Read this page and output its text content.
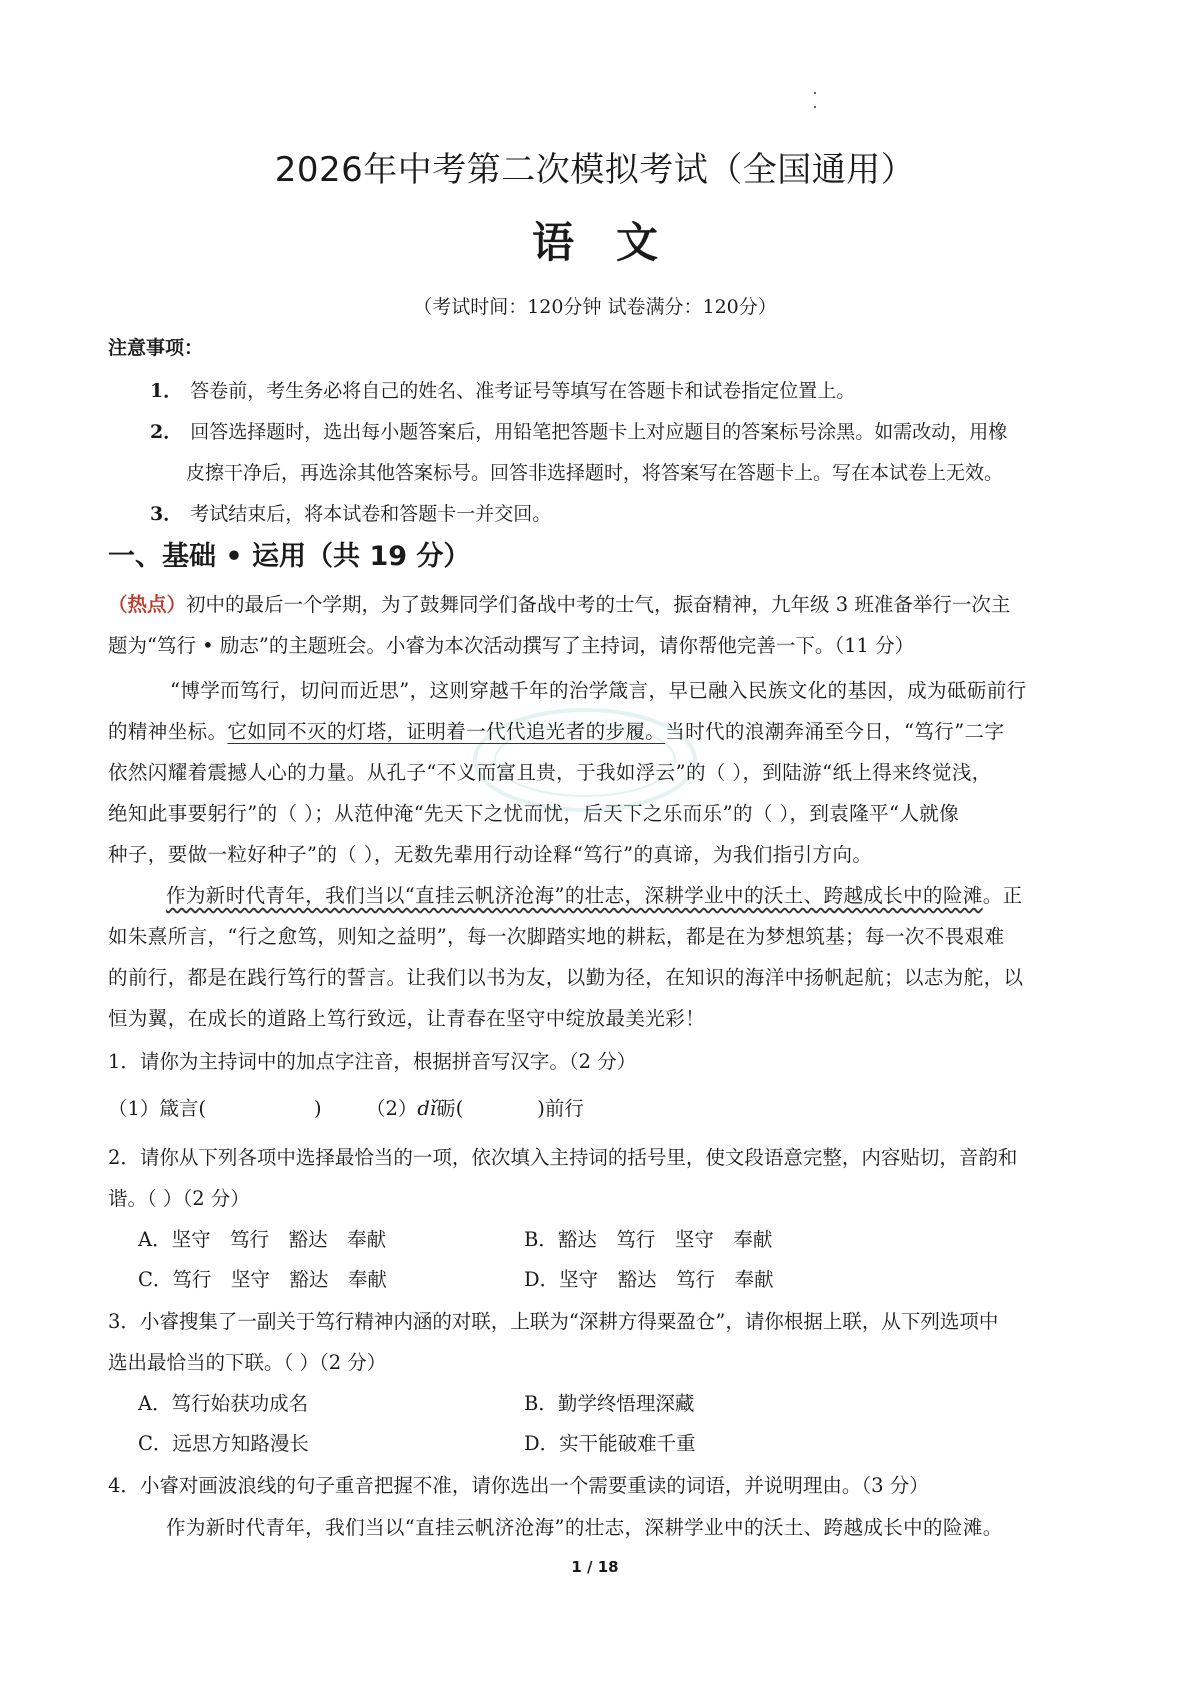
2026年中考第二次模拟考试（全国通用）
语文
（考试时间：120分钟 试卷满分：120分）
注意事项：
1． 答卷前，考生务必将自己的姓名、准考证号等填写在答题卡和试卷指定位置上。
2． 回答选择题时，选出每小题答案后，用铅笔把答题卡上对应题目的答案标号涂黑。如需改动，用橡
皮擦干净后，再选涂其他答案标号。回答非选择题时，将答案写在答题卡上。写在本试卷上无效。
3． 考试结束后，将本试卷和答题卡一并交回。
一、基础 • 运用（共 19 分）
（热点）初中的最后一个学期，为了鼓舞同学们备战中考的士气，振奋精神，九年级 3 班准备举行一次主
题为“笃行 • 励志”的主题班会。小睿为本次活动撰写了主持词，请你帮他完善一下。（11 分）
“博学而笃行，切问而近思”，这则穿越千年的治学箴言，早已融入民族文化的基因，成为砥砺前行
的精神坐标。它如同不灭的灯塔，证明着一代代追光者的步履。当时代的浪潮奔涌至今日，“笃行”二字
依然闪耀着震撼人心的力量。从孔子“不义而富且贵，于我如浮云”的（ ），到陆游“纸上得来终觉浅，
绝知此事要躬行”的（ ）；从范仲淹“先天下之忧而忧，后天下之乐而乐”的（ ），到袁隆平“人就像
种子，要做一粒好种子”的（ ），无数先辈用行动诠释“笃行”的真谛，为我们指引方向。
作为新时代青年，我们当以“直挂云帆济沧海”的壮志，深耕学业中的沃土、跨越成长中的险滩。正
如朱熹所言，“行之愈笃，则知之益明”，每一次脚踏实地的耕耘，都是在为梦想筑基；每一次不畏艰难
的前行，都是在践行笃行的誓言。让我们以书为友，以勤为径，在知识的海洋中扬帆起航；以志为舵，以
恒为翼，在成长的道路上笃行致远，让青春在坚守中绽放最美光彩！
1．请你为主持词中的加点字注音，根据拼音写汉字。（2 分）
（1）箴言(	) （2）dǐ砺(	)前行
2．请你从下列各项中选择最恰当的一项，依次填入主持词的括号里，使文段语意完整，内容贴切，音韵和
谐。（ ）（2 分）
A．坚守　笃行　豁达　奉献	B．豁达　笃行　坚守　奉献
C．笃行　坚守　豁达　奉献	D．坚守　豁达　笃行　奉献
3．小睿搜集了一副关于笃行精神内涵的对联，上联为“深耕方得粟盈仓”，请你根据上联，从下列选项中
选出最恰当的下联。（ ）（2 分）
A．笃行始获功成名	B．勤学终悟理深藏
C．远思方知路漫长	D．实干能破难千重
4．小睿对画波浪线的句子重音把握不准，请你选出一个需要重读的词语，并说明理由。（3 分）
作为新时代青年，我们当以“直挂云帆济沧海”的壮志，深耕学业中的沃土、跨越成长中的险滩。
1 / 18
